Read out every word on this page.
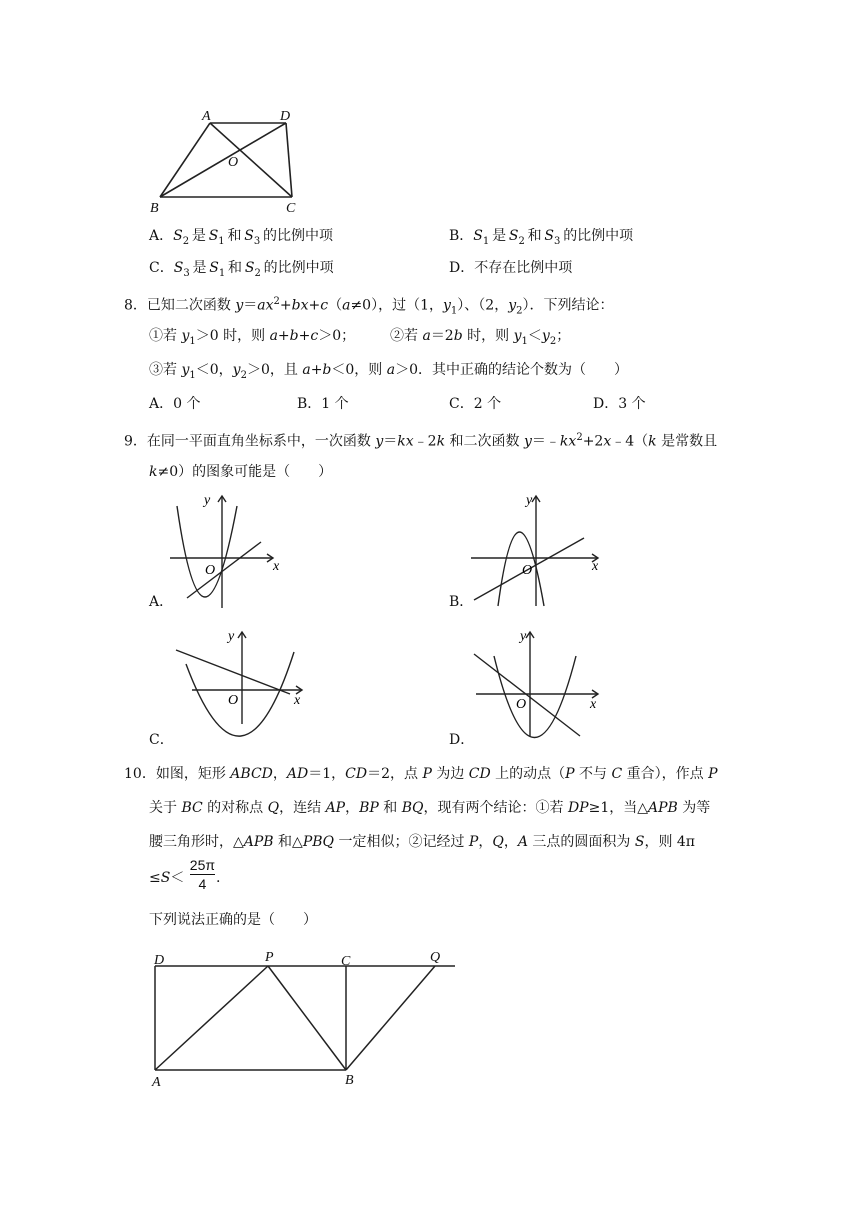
A	D
O
B	C
A．$S_2$  是  $S_1$  和  $S_3$  的比例中项	B．$S_1$  是  $S_2$  和  $S_3$  的比例中项
C．$S_3$  是  $S_1$  和  $S_2$  的比例中项	D．不存在比例中项
8．已知二次函数 $y=ax^2+bx+c(a\ne 0)$，过（1，$y_1$）、（2，$y_2$）．下列结论：
①若 $y_1>0$ 时，则 a+b+c＞0； ②若 a＝2b 时，则 $y_1<y_2$；
③若 $y_1<0$，$y_2>0$，且 a+b＜0，则 a＞0．其中正确的结论个数为（　　）
A．0 个	B．1 个	C．2 个	D．3 个
9．在同一平面直角坐标系中，一次函数 y＝kx﹣2k 和二次函数 $y=﹣kx^2+2x﹣4(k$ 是常数且
k≠0）的图象可能是（　　）
y
x
O
A．
y
x
O
B．
y
x
O
C．
y
x
O
D．
10．如图，矩形 ABCD，AD＝1，CD＝2，点 P 为边 CD 上的动点（P 不与 C 重合），作点 P
关于 BC 的对称点 Q，连结 AP，BP 和 BQ，现有两个结论：①若 DP≥1，当△APB 为等
腰三角形时，△APB 和△PBQ 一定相似；②记经过 P，Q，A 三点的圆面积为 S，则 4π
$\le S< \frac{25\pi}{4}$ .
下列说法正确的是（　　）
D	P	C	Q
A	B
